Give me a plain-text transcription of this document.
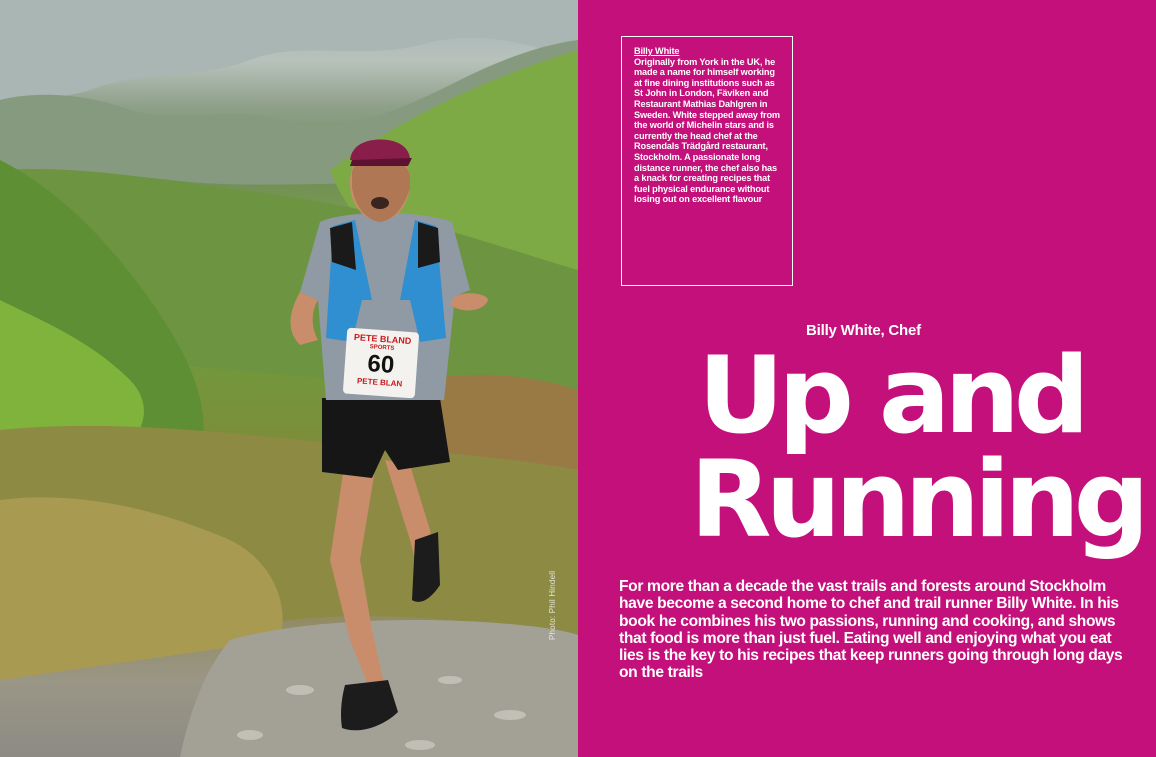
PETE BLAND
SPORTS
60
PETE BLAN
Photo: Phil Hindell
Billy White
Originally from York in the UK, he made a name for himself working at fine dining institutions such as St John in London, Fäviken and Restaurant Mathias Dahlgren in Sweden. White stepped away from the world of Michelin stars and is currently the head chef at the Rosendals Trädgård restaurant, Stockholm. A passionate long distance runner, the chef also has a knack for creating recipes that fuel physical endurance without losing out on excellent flavour
Billy White, Chef
Up and
Running

For more than a decade the vast trails and forests around Stockholm have become a second home to chef and trail runner Billy White. In his book he combines his two passions, running and cooking, and shows that food is more than just fuel. Eating well and enjoying what you eat lies is the key to his recipes that keep runners going through long days on the trails
